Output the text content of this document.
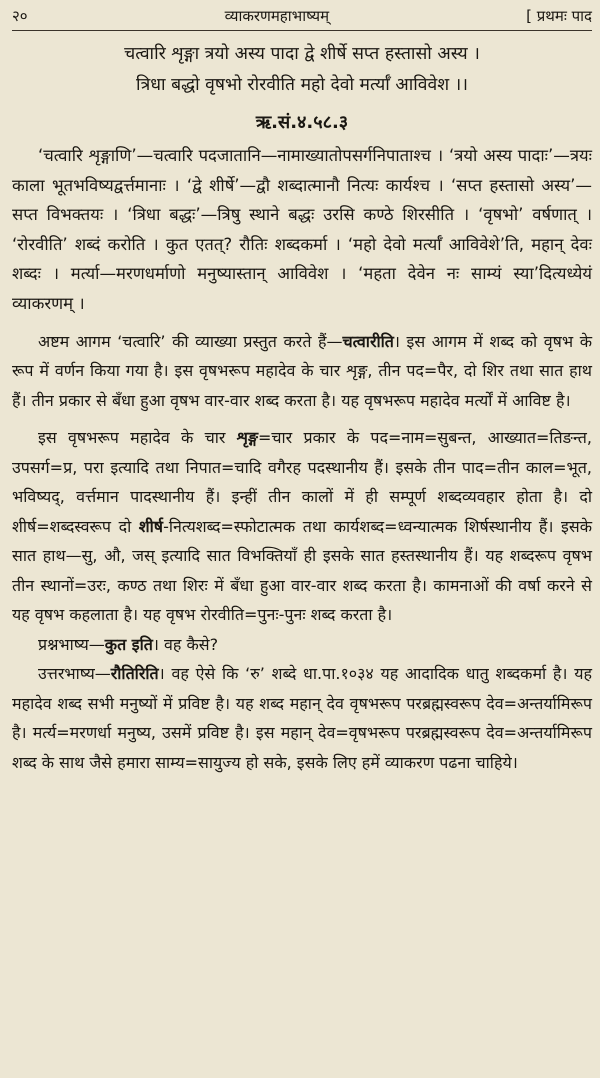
२०	व्याकरणमहाभाष्यम्	[ प्रथमः पाद
चत्वारि शृङ्गा त्रयो अस्य पादा द्वे शीर्षे सप्त हस्तासो अस्य ।
त्रिधा बद्धो वृषभो रोरवीति महो देवो मर्त्याँ आविवेश ।।
ऋ.सं.४.५८.३

‘चत्वारि शृङ्गाणि’—चत्वारि पदजातानि—नामाख्यातोपसर्गनिपाताश्च । ‘त्रयो अस्य पादाः’—त्रयः काला भूतभविष्यद्वर्त्तमानाः । ‘द्वे शीर्षे’—द्वौ शब्दात्मानौ नित्यः कार्यश्च । ‘सप्त हस्तासो अस्य’—सप्त विभक्तयः । ‘त्रिधा बद्धः’—त्रिषु स्थाने बद्धः उरसि कण्ठे शिरसीति । ‘वृषभो’ वर्षणात् । ‘रोरवीति’ शब्दं करोति । कुत एतत्? रौतिः शब्दकर्मा । ‘महो देवो मर्त्याँ आविवेशे’ति, महान् देवः शब्दः । मर्त्या—मरणधर्माणो मनुष्यास्तान् आविवेश । ‘महता देवेन नः साम्यं स्या’दित्यध्येयं व्याकरणम् ।

अष्टम आगम ‘चत्वारि’ की व्याख्या प्रस्तुत करते हैं—चत्वारीति। इस आगम में शब्द को वृषभ के रूप में वर्णन किया गया है। इस वृषभरूप महादेव के चार शृङ्ग, तीन पद=पैर, दो शिर तथा सात हाथ हैं। तीन प्रकार से बँधा हुआ वृषभ वार-वार शब्द करता है। यह वृषभरूप महादेव मर्त्यों में आविष्ट है।

इस वृषभरूप महादेव के चार शृङ्ग=चार प्रकार के पद=नाम=सुबन्त, आख्यात=तिङन्त, उपसर्ग=प्र, परा इत्यादि तथा निपात=चादि वगैरह पदस्थानीय हैं। इसके तीन पाद=तीन काल=भूत, भविष्यद्, वर्त्तमान पादस्थानीय हैं। इन्हीं तीन कालों में ही सम्पूर्ण शब्दव्यवहार होता है। दो शीर्ष=शब्दस्वरूप दो शीर्ष-नित्यशब्द=स्फोटात्मक तथा कार्यशब्द=ध्वन्यात्मक शिर्षस्थानीय हैं। इसके सात हाथ—सु, औ, जस् इत्यादि सात विभक्तियाँ ही इसके सात हस्तस्थानीय हैं। यह शब्दरूप वृषभ तीन स्थानों=उरः, कण्ठ तथा शिरः में बँधा हुआ वार-वार शब्द करता है। कामनाओं की वर्षा करने से यह वृषभ कहलाता है। यह वृषभ रोरवीति=पुनः-पुनः शब्द करता है।

प्रश्नभाष्य—कुत इति। वह कैसे?

उत्तरभाष्य—रौतिरिति। वह ऐसे कि ‘रु’ शब्दे धा.पा.१०३४ यह आदादिक धातु शब्दकर्मा है। यह महादेव शब्द सभी मनुष्यों में प्रविष्ट है। यह शब्द महान् देव वृषभरूप परब्रह्मस्वरूप देव=अन्तर्यामिरूप है। मर्त्य=मरणर्धा मनुष्य, उसमें प्रविष्ट है। इस महान् देव=वृषभरूप परब्रह्मस्वरूप देव=अन्तर्यामिरूप शब्द के साथ जैसे हमारा साम्य=सायुज्य हो सके, इसके लिए हमें व्याकरण पढना चाहिये।
